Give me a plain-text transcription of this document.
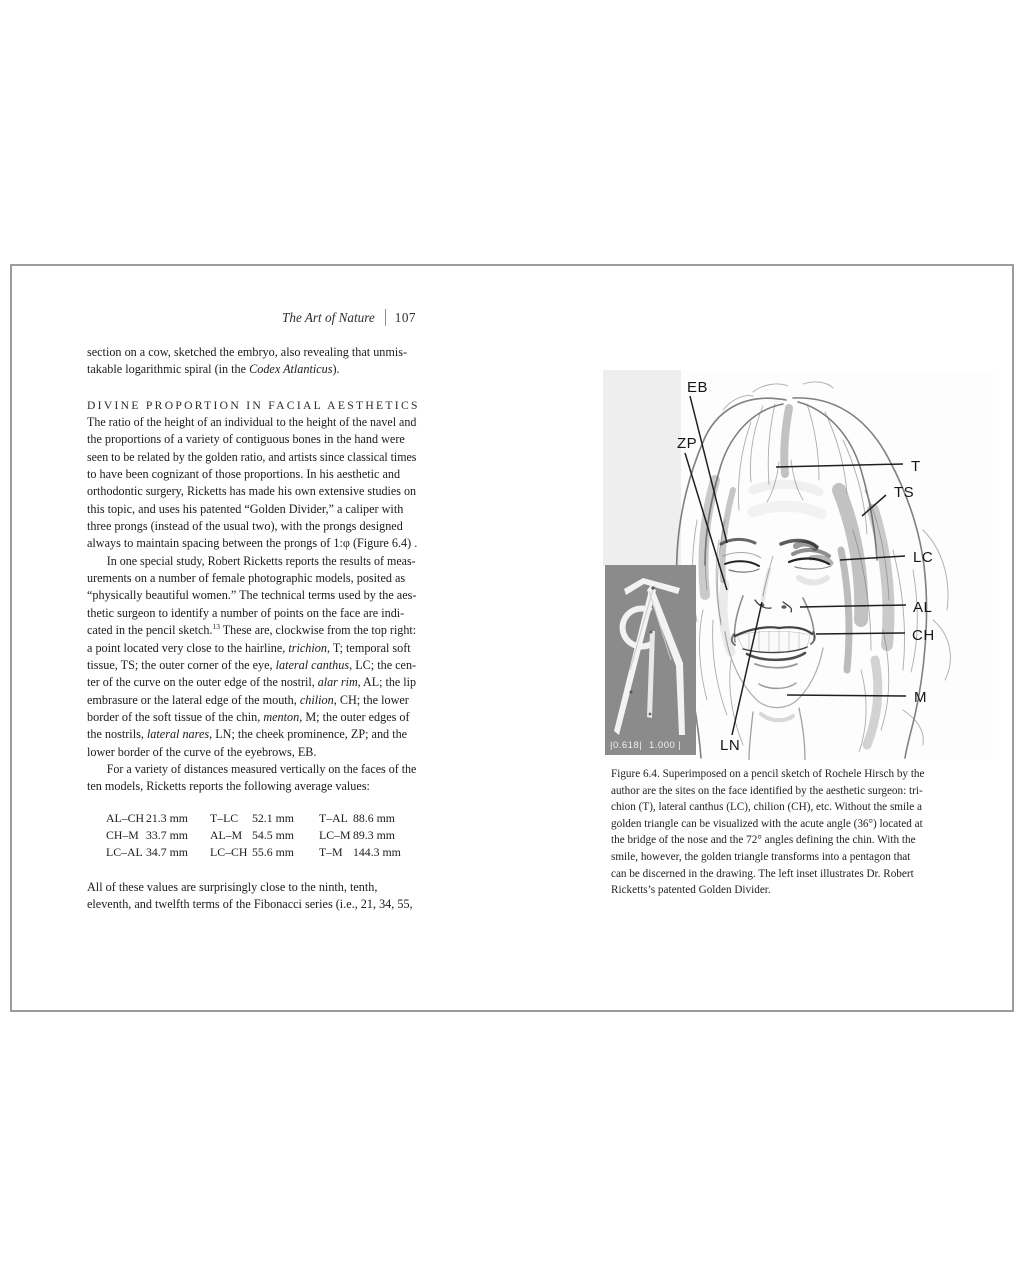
The Art of Nature 107
section on a cow, sketched the embryo, also revealing that unmis-
takable logarithmic spiral (in the Codex Atlanticus).
DIVINE PROPORTION IN FACIAL AESTHETICS
The ratio of the height of an individual to the height of the navel and
the proportions of a variety of contiguous bones in the hand were
seen to be related by the golden ratio, and artists since classical times
to have been cognizant of those proportions. In his aesthetic and
orthodontic surgery, Ricketts has made his own extensive studies on
this topic, and uses his patented “Golden Divider,” a caliper with
three prongs (instead of the usual two), with the prongs designed
always to maintain spacing between the prongs of 1:φ (Figure 6.4) .
In one special study, Robert Ricketts reports the results of meas-
urements on a number of female photographic models, posited as
“physically beautiful women.” The technical terms used by the aes-
thetic surgeon to identify a number of points on the face are indi-
cated in the pencil sketch.$^{13}$ These are, clockwise from the top right:
a point located very close to the hairline, trichion, T; temporal soft
tissue, TS; the outer corner of the eye, lateral canthus, LC; the cen-
ter of the curve on the outer edge of the nostril, alar rim, AL; the lip
embrasure or the lateral edge of the mouth, chilion, CH; the lower
border of the soft tissue of the chin, menton, M; the outer edges of
the nostrils, lateral nares, LN; the cheek prominence, ZP; and the
lower border of the curve of the eyebrows, EB.
For a variety of distances measured vertically on the faces of the
ten models, Ricketts reports the following average values:
AL–CH 21.3 mm T–LC 52.1 mm T–AL 88.6 mm
CH–M 33.7 mm AL–M 54.5 mm LC–M 89.3 mm
LC–AL 34.7 mm LC–CH 55.6 mm T–M 144.3 mm
All of these values are surprisingly close to the ninth, tenth,
eleventh, and twelfth terms of the Fibonacci series (i.e., 21, 34, 55,
|0.618| 1.000 |
EB
ZP
T
TS
LC
AL
CH
M
LN
Figure 6.4. Superimposed on a pencil sketch of Rochele Hirsch by the
author are the sites on the face identified by the aesthetic surgeon: tri-
chion (T), lateral canthus (LC), chilion (CH), etc. Without the smile a
golden triangle can be visualized with the acute angle (36°) located at
the bridge of the nose and the 72° angles defining the chin. With the
smile, however, the golden triangle transforms into a pentagon that
can be discerned in the drawing. The left inset illustrates Dr. Robert
Ricketts’s patented Golden Divider.
